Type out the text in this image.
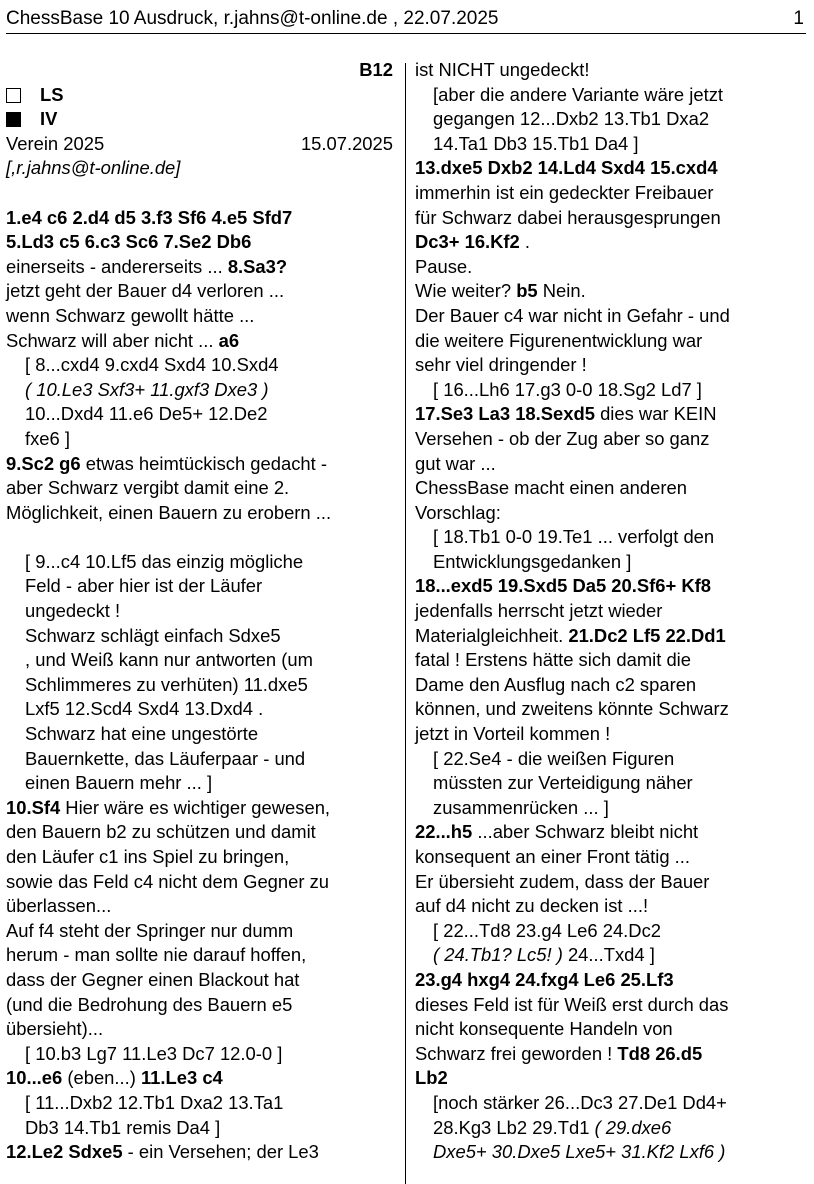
ChessBase 10 Ausdruck, r.jahns@t-online.de , 22.07.2025	1

B12

LS

IV

Verein 2025	15.07.2025

[,r.jahns@t-online.de]

1.e4 c6 2.d4 d5 3.f3 Sf6 4.e5 Sfd7

5.Ld3 c5 6.c3 Sc6 7.Se2 Db6

einerseits - andererseits ... 8.Sa3?

jetzt geht der Bauer d4 verloren ...

wenn Schwarz gewollt hätte ...

Schwarz will aber nicht ... a6

[ 8...cxd4 9.cxd4 Sxd4 10.Sxd4

( 10.Le3 Sxf3+ 11.gxf3 Dxe3 )

10...Dxd4 11.e6 De5+ 12.De2

fxe6 ]

9.Sc2 g6 etwas heimtückisch gedacht -

aber Schwarz vergibt damit eine 2.

Möglichkeit, einen Bauern zu erobern ...

[ 9...c4 10.Lf5 das einzig mögliche

Feld - aber hier ist der Läufer

ungedeckt !

Schwarz schlägt einfach Sdxe5

, und Weiß kann nur antworten (um

Schlimmeres zu verhüten) 11.dxe5

Lxf5 12.Scd4 Sxd4 13.Dxd4 .

Schwarz hat eine ungestörte

Bauernkette, das Läuferpaar - und

einen Bauern mehr ... ]

10.Sf4 Hier wäre es wichtiger gewesen,

den Bauern b2 zu schützen und damit

den Läufer c1 ins Spiel zu bringen,

sowie das Feld c4 nicht dem Gegner zu

überlassen...

Auf f4 steht der Springer nur dumm

herum - man sollte nie darauf hoffen,

dass der Gegner einen Blackout hat

(und die Bedrohung des Bauern e5

übersieht)...

[ 10.b3 Lg7 11.Le3 Dc7 12.0-0 ]

10...e6 (eben...) 11.Le3 c4

[ 11...Dxb2 12.Tb1 Dxa2 13.Ta1

Db3 14.Tb1 remis Da4 ]

12.Le2 Sdxe5 - ein Versehen; der Le3

ist NICHT ungedeckt!

[aber die andere Variante wäre jetzt

gegangen 12...Dxb2 13.Tb1 Dxa2

14.Ta1 Db3 15.Tb1 Da4 ]

13.dxe5 Dxb2 14.Ld4 Sxd4 15.cxd4

immerhin ist ein gedeckter Freibauer

für Schwarz dabei herausgesprungen

Dc3+ 16.Kf2 .

Pause.

Wie weiter? b5 Nein.

Der Bauer c4 war nicht in Gefahr - und

die weitere Figurenentwicklung war

sehr viel dringender !

[ 16...Lh6 17.g3 0-0 18.Sg2 Ld7 ]

17.Se3 La3 18.Sexd5 dies war KEIN

Versehen - ob der Zug aber so ganz

gut war ...

ChessBase macht einen anderen

Vorschlag:

[ 18.Tb1 0-0 19.Te1 ... verfolgt den

Entwicklungsgedanken ]

18...exd5 19.Sxd5 Da5 20.Sf6+ Kf8

jedenfalls herrscht jetzt wieder

Materialgleichheit. 21.Dc2 Lf5 22.Dd1

fatal ! Erstens hätte sich damit die

Dame den Ausflug nach c2 sparen

können, und zweitens könnte Schwarz

jetzt in Vorteil kommen !

[ 22.Se4 - die weißen Figuren

müssten zur Verteidigung näher

zusammenrücken ... ]

22...h5 ...aber Schwarz bleibt nicht

konsequent an einer Front tätig ...

Er übersieht zudem, dass der Bauer

auf d4 nicht zu decken ist ...!

[ 22...Td8 23.g4 Le6 24.Dc2

( 24.Tb1? Lc5! ) 24...Txd4 ]

23.g4 hxg4 24.fxg4 Le6 25.Lf3

dieses Feld ist für Weiß erst durch das

nicht konsequente Handeln von

Schwarz frei geworden ! Td8 26.d5

Lb2

[noch stärker 26...Dc3 27.De1 Dd4+

28.Kg3 Lb2 29.Td1 ( 29.dxe6

Dxe5+ 30.Dxe5 Lxe5+ 31.Kf2 Lxf6 )
